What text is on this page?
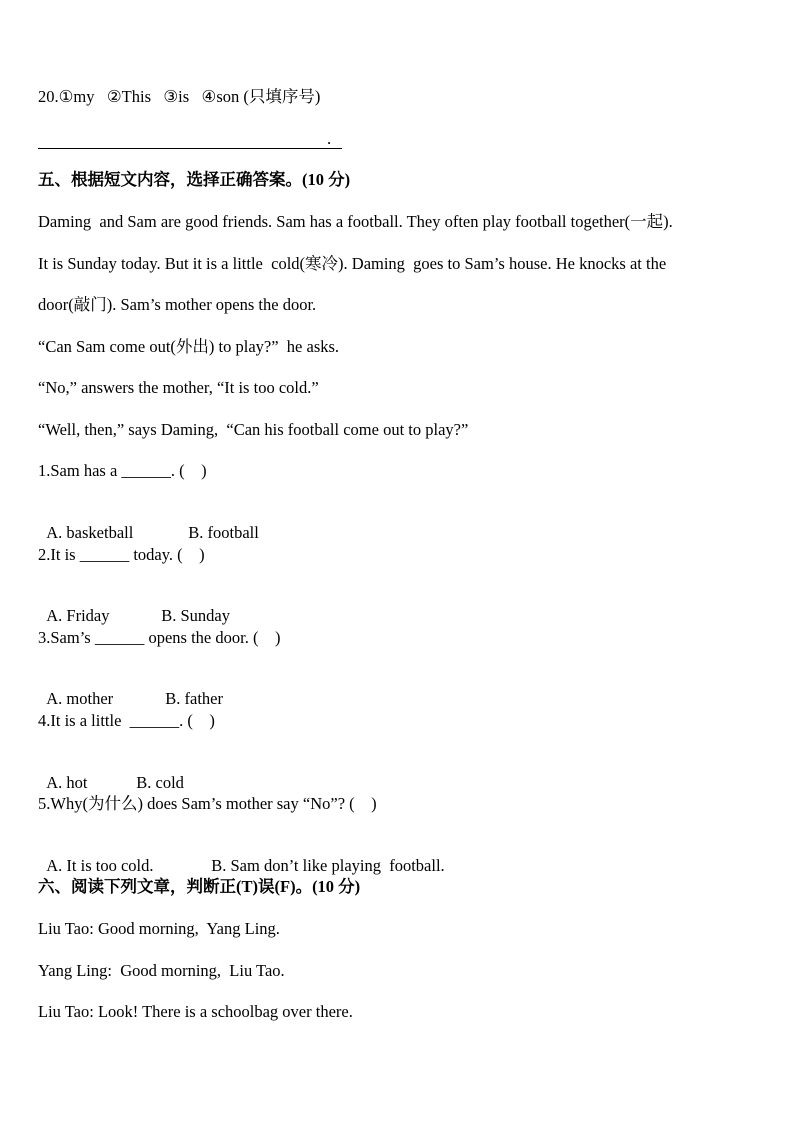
20.①my   ②This   ③is   ④son (只填序号)
.
五、根据短文内容，选择正确答案。(10 分)
Daming  and Sam are good friends. Sam has a football. They often play football together(一起).
It is Sunday today. But it is a little  cold(寒冷). Daming  goes to Sam’s house. He knocks at the
door(敲门). Sam’s mother opens the door.
“Can Sam come out(外出) to play?”  he asks.
“No,” answers the mother, “It is too cold.”
“Well, then,” says Daming,  “Can his football come out to play?”
1.Sam has a ______. (    )

A. basketball	B. football

2.It is ______ today. (    )

A. Friday	B. Sunday

3.Sam’s ______ opens the door. (    )

A. mother	B. father

4.It is a little  ______. (    )

A. hot	B. cold

5.Why(为什么) does Sam’s mother say “No”? (    )

A. It is too cold.	B. Sam don’t like playing  football.

六、阅读下列文章，判断正(T)误(F)。(10 分)
Liu Tao: Good morning,  Yang Ling.
Yang Ling:  Good morning,  Liu Tao.
Liu Tao: Look! There is a schoolbag over there.
